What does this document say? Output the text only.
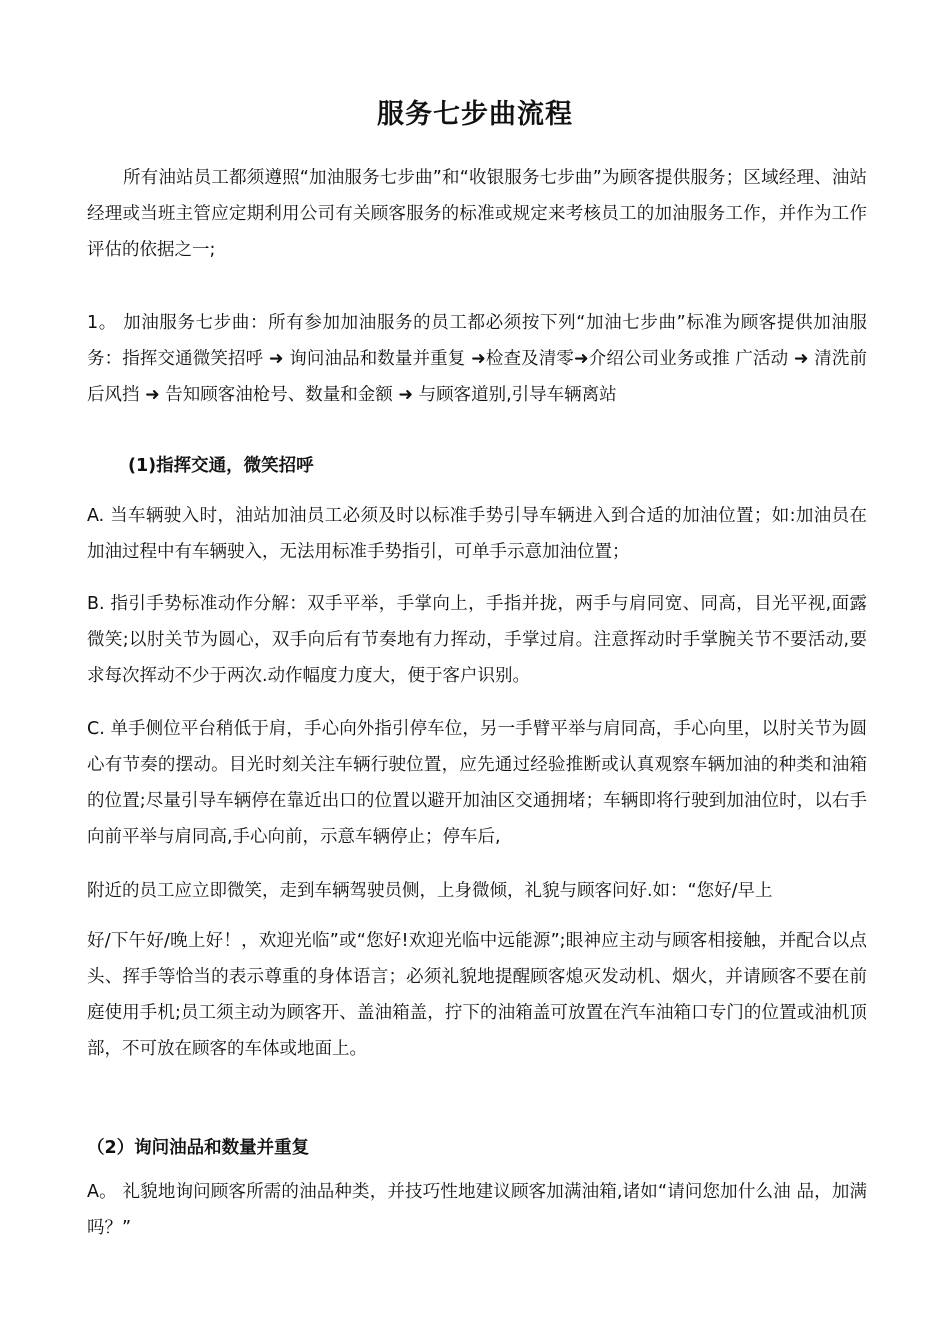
服务七步曲流程

所有油站员工都须遵照“加油服务七步曲”和“收银服务七步曲”为顾客提供服务；区域经理、油站经理或当班主管应定期利用公司有关顾客服务的标准或规定来考核员工的加油服务工作，并作为工作评估的依据之一;

1。 加油服务七步曲：所有参加加油服务的员工都必须按下列“加油七步曲”标准为顾客提供加油服务：指挥交通微笑招呼 ➜ 询问油品和数量并重复 ➜检查及清零➜介绍公司业务或推 广活动 ➜ 清洗前后风挡 ➜ 告知顾客油枪号、数量和金额 ➜ 与顾客道别,引导车辆离站

(1)指挥交通，微笑招呼

A. 当车辆驶入时，油站加油员工必须及时以标准手势引导车辆进入到合适的加油位置；如:加油员在加油过程中有车辆驶入，无法用标准手势指引，可单手示意加油位置；

B. 指引手势标准动作分解：双手平举，手掌向上，手指并拢，两手与肩同宽、同高，目光平视,面露微笑;以肘关节为圆心，双手向后有节奏地有力挥动，手掌过肩。注意挥动时手掌腕关节不要活动,要求每次挥动不少于两次.动作幅度力度大，便于客户识别。

C. 单手侧位平台稍低于肩，手心向外指引停车位，另一手臂平举与肩同高，手心向里，以肘关节为圆心有节奏的摆动。目光时刻关注车辆行驶位置，应先通过经验推断或认真观察车辆加油的种类和油箱的位置;尽量引导车辆停在靠近出口的位置以避开加油区交通拥堵；车辆即将行驶到加油位时，以右手向前平举与肩同高,手心向前，示意车辆停止；停车后,

附近的员工应立即微笑，走到车辆驾驶员侧，上身微倾，礼貌与顾客问好.如：“您好/早上

好/下午好/晚上好！，欢迎光临”或“您好!欢迎光临中远能源”;眼神应主动与顾客相接触，并配合以点头、挥手等恰当的表示尊重的身体语言；必须礼貌地提醒顾客熄灭发动机、烟火，并请顾客不要在前庭使用手机;员工须主动为顾客开、盖油箱盖，拧下的油箱盖可放置在汽车油箱口专门的位置或油机顶部，不可放在顾客的车体或地面上。

（2）询问油品和数量并重复

A。 礼貌地询问顾客所需的油品种类，并技巧性地建议顾客加满油箱,诸如“请问您加什么油 品，加满吗？”
